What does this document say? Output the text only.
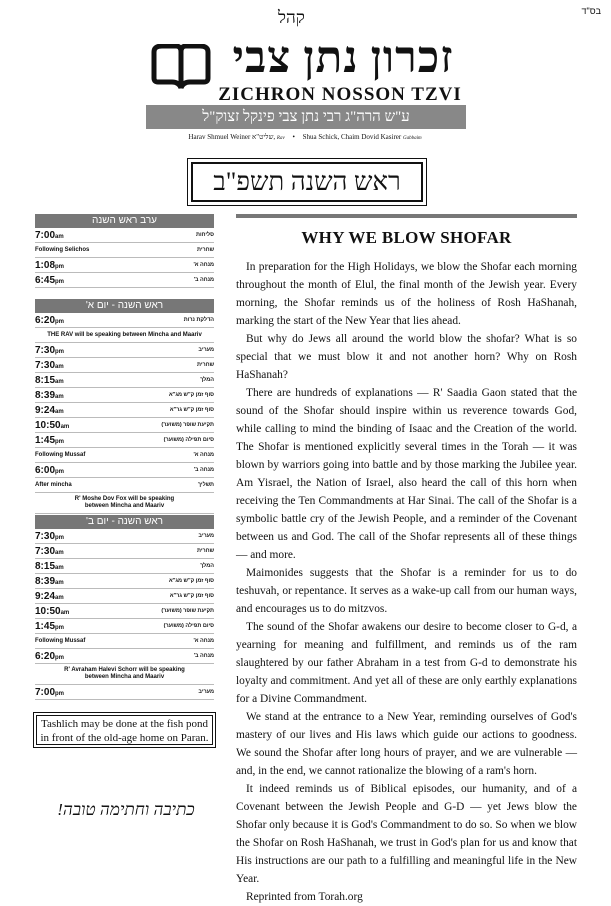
בס"ד
קהל
זכרון נתן צבי
ZICHRON NOSSON TZVI
ע"ש הרה"ג רבי נתן צבי פינקל זצוק"ל
Harav Shmuel Weiner שליט"א, Rav • Shua Schick, Chaim Dovid Kasirer Gabbaim
ראש השנה תשפ"ב
ערב ראש השנה
7:00am	סליחות
Following Selichos	שחרית
1:08pm	מנחה א'
6:45pm	מנחה ב'
ראש השנה - יום א'
6:20pm	הדלקת נרות
THE RAV will be speaking between Mincha and Maariv
7:30pm	מעריב
7:30am	שחרית
8:15am	המלך
8:39am	סוף זמן ק"ש מג"א
9:24am	סוף זמן ק"ש גר"א
10:50am	תקיעת שופר (משוער)
1:45pm	סיום תפילה (משוער)
Following Mussaf	מנחה א'
6:00pm	מנחה ב'
After mincha	תשליך
R' Moshe Dov Fox will be speaking between Mincha and Maariv
ראש השנה - יום ב'
7:30pm	מעריב
7:30am	שחרית
8:15am	המלך
8:39am	סוף זמן ק"ש מג"א
9:24am	סוף זמן ק"ש גר"א
10:50am	תקיעת שופר (משוער)
1:45pm	סיום תפילה (משוער)
Following Mussaf	מנחה א'
6:20pm	מנחה ב'
R' Avraham Halevi Schorr will be speaking between Mincha and Maariv
7:00pm	מעריב
Tashlich may be done at the fish pond in front of the old-age home on Paran.
כתיבה וחתימה טובה!
WHY WE BLOW SHOFAR

In preparation for the High Holidays, we blow the Shofar each morning throughout the month of Elul, the final month of the Jewish year. Every morning, the Shofar reminds us of the holiness of Rosh HaShanah, marking the start of the New Year that lies ahead.

But why do Jews all around the world blow the shofar? What is so special that we must blow it and not another horn? Why on Rosh HaShanah?

There are hundreds of explanations — R' Saadia Gaon stated that the sound of the Shofar should inspire within us reverence towards God, while calling to mind the binding of Isaac and the Creation of the world. The Shofar is mentioned explicitly several times in the Torah — it was blown by warriors going into battle and by those marking the Jubilee year. Am Yisrael, the Nation of Israel, also heard the call of this horn when receiving the Ten Commandments at Har Sinai. The call of the Shofar is a symbolic battle cry of the Jewish People, and a reminder of the Covenant between us and God. The call of the Shofar represents all of these things — and more.

Maimonides suggests that the Shofar is a reminder for us to do teshuvah, or repentance. It serves as a wake-up call from our human ways, and encourages us to do mitzvos.

The sound of the Shofar awakens our desire to become closer to G-d, a yearning for meaning and fulfillment, and reminds us of the ram slaughtered by our father Abraham in a test from G-d to demonstrate his loyalty and commitment. And yet all of these are only earthly explanations for a Divine Commandment.

We stand at the entrance to a New Year, reminding ourselves of God's mastery of our lives and His laws which guide our actions to goodness. We sound the Shofar after long hours of prayer, and we are vulnerable — and, in the end, we cannot rationalize the blowing of a ram's horn.

It indeed reminds us of Biblical episodes, our humanity, and of a Covenant between the Jewish People and G-D — yet Jews blow the Shofar only because it is God's Commandment to do so. So when we blow the Shofar on Rosh HaShanah, we trust in God's plan for us and know that His instructions are our path to a fulfilling and meaningful life in the New Year.

Reprinted from Torah.org
